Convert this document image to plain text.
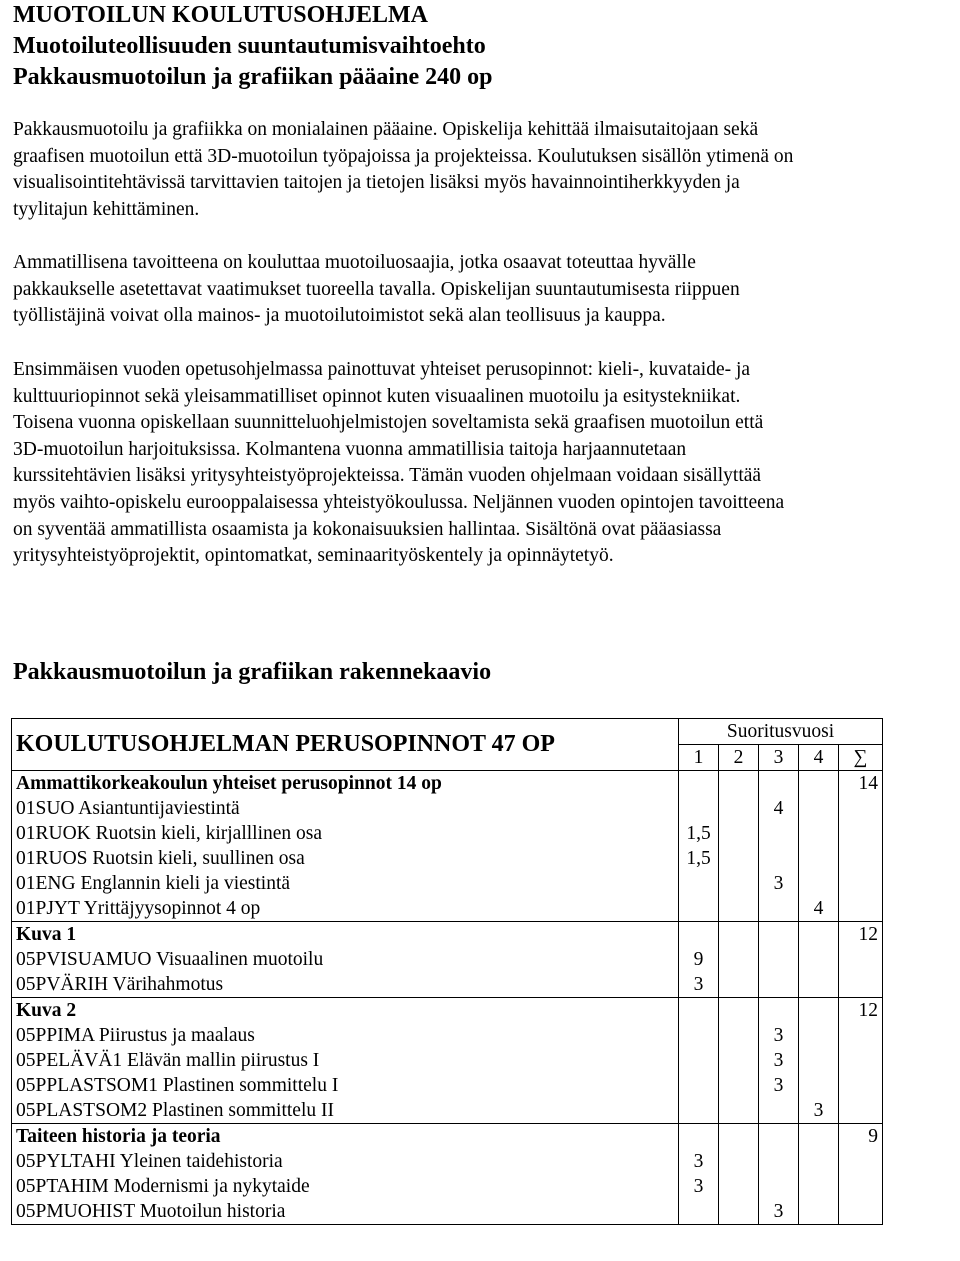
MUOTOILUN KOULUTUSOHJELMA
Muotoiluteollisuuden suuntautumisvaihtoehto
Pakkausmuotoilun ja grafiikan pääaine 240 op

Pakkausmuotoilu ja grafiikka on monialainen pääaine. Opiskelija kehittää ilmaisutaitojaan sekä
graafisen muotoilun että 3D-muotoilun työpajoissa ja projekteissa. Koulutuksen sisällön ytimenä on
visualisointitehtävissä tarvittavien taitojen ja tietojen lisäksi myös havainnointiherkkyyden ja
tyylitajun kehittäminen.

Ammatillisena tavoitteena on kouluttaa muotoiluosaajia, jotka osaavat toteuttaa hyvälle
pakkaukselle asetettavat vaatimukset tuoreella tavalla. Opiskelijan suuntautumisesta riippuen
työllistäjinä voivat olla mainos- ja muotoilutoimistot sekä alan teollisuus ja kauppa.

Ensimmäisen vuoden opetusohjelmassa painottuvat yhteiset perusopinnot: kieli-, kuvataide- ja
kulttuuriopinnot sekä yleisammatilliset opinnot kuten visuaalinen muotoilu ja esitystekniikat.
Toisena vuonna opiskellaan suunnitteluohjelmistojen soveltamista sekä graafisen muotoilun että
3D-muotoilun harjoituksissa. Kolmantena vuonna ammatillisia taitoja harjaannutetaan
kurssitehtävien lisäksi yritysyhteistyöprojekteissa. Tämän vuoden ohjelmaan voidaan sisällyttää
myös vaihto-opiskelu eurooppalaisessa yhteistyökoulussa. Neljännen vuoden opintojen tavoitteena
on syventää ammatillista osaamista ja kokonaisuuksien hallintaa. Sisältönä ovat pääasiassa
yritysyhteistyöprojektit, opintomatkat, seminaarityöskentely ja opinnäytetyö.

Pakkausmuotoilun ja grafiikan rakennekaavio
KOULUTUSOHJELMAN PERUSOPINNOT 47 OP	Suoritusvuosi				
	1	2	3	4	∑
Ammattikorkeakoulun yhteiset perusopinnot 14 op					14
01SUO Asiantuntijaviestintä			4		
01RUOK Ruotsin kieli, kirjalllinen osa	1,5				
01RUOS Ruotsin kieli, suullinen osa	1,5				
01ENG Englannin kieli ja viestintä			3		
01PJYT Yrittäjyysopinnot 4 op				4	
Kuva 1					12
05PVISUAMUO Visuaalinen muotoilu	9				
05PVÄRIH Värihahmotus	3				
Kuva 2					12
05PPIMA Piirustus ja maalaus			3		
05PELÄVÄ1 Elävän mallin piirustus I			3		
05PPLASTSOM1 Plastinen sommittelu I			3		
05PLASTSOM2 Plastinen sommittelu II				3	
Taiteen historia ja teoria					9
05PYLTAHI Yleinen taidehistoria	3				
05PTAHIM Modernismi ja nykytaide	3				
05PMUOHIST Muotoilun historia			3		
